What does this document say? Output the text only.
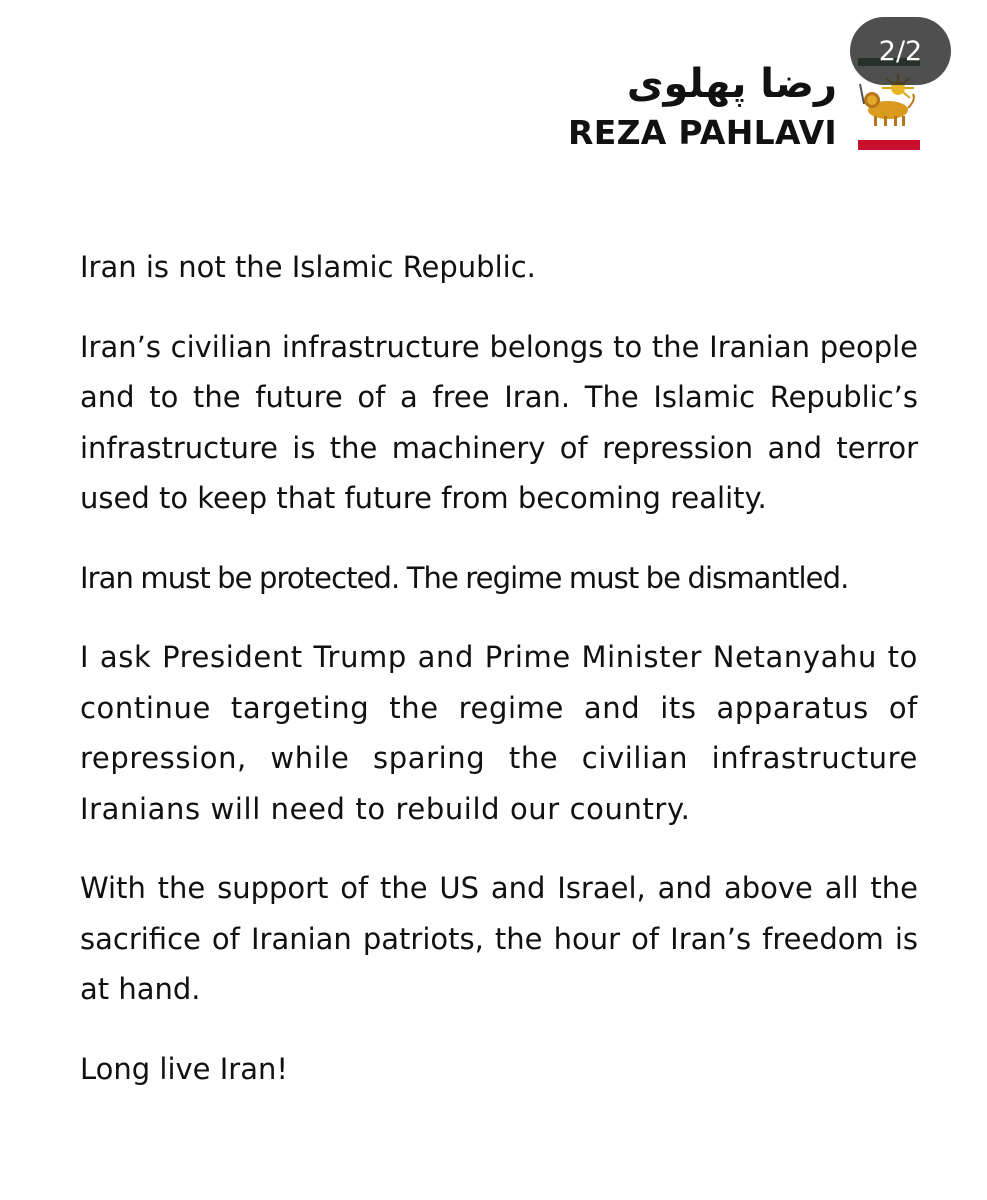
رضا پهلوی
REZA PAHLAVI
2/2

Iran is not the Islamic Republic.

Iran’s civilian infrastructure belongs to the Iranian people and to the future of a free Iran. The Islamic Republic’s infrastructure is the machinery of repression and terror used to keep that future from becoming reality.

Iran must be protected. The regime must be dismantled.

I ask President Trump and Prime Minister Netanyahu to continue targeting the regime and its apparatus of repression, while sparing the civilian infrastructure Iranians will need to rebuild our country.

With the support of the US and Israel, and above all the sacrifice of Iranian patriots, the hour of Iran’s freedom is at hand.

Long live Iran!
